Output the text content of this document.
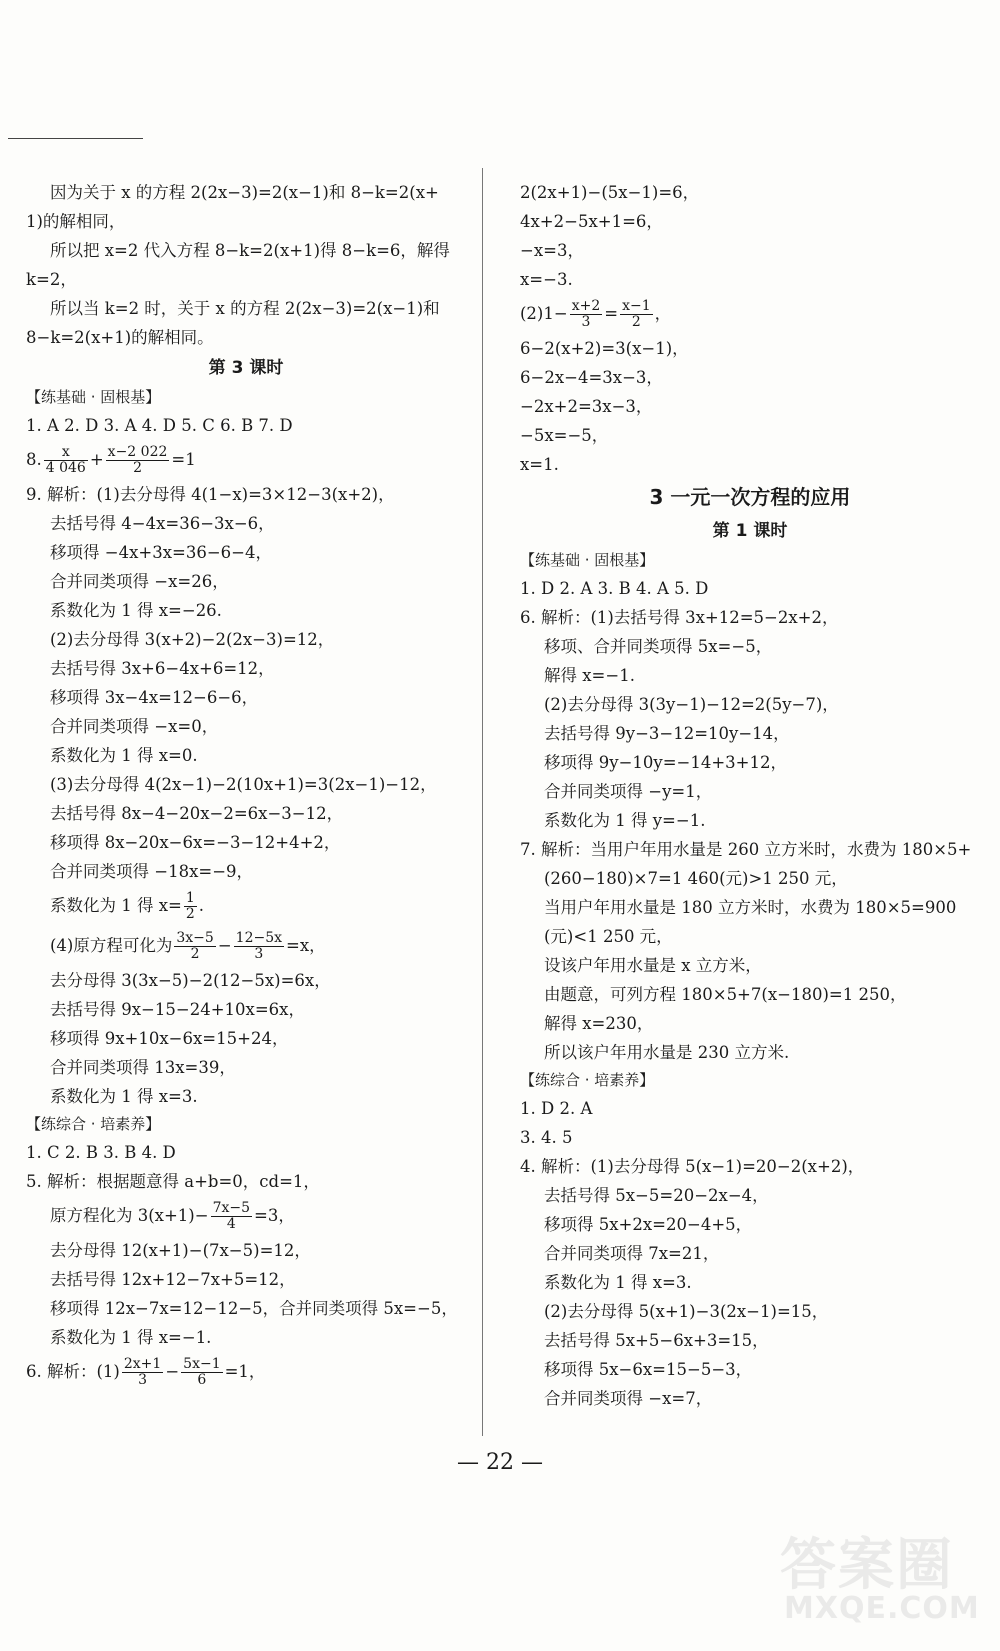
因为关于 x 的方程 2(2x−3)=2(x−1)和 8−k=2(x+
1)的解相同，
所以把 x=2 代入方程 8−k=2(x+1)得 8−k=6，解得
k=2，
所以当 k=2 时，关于 x 的方程 2(2x−3)=2(x−1)和
8−k=2(x+1)的解相同。
第 3 课时
【练基础 · 固根基】
1. A 2. D 3. A 4. D 5. C 6. B 7. D
8. $\frac{x}{4 046} + \frac{x-2 022}{2} =1$
9. 解析：(1)去分母得 4(1−x)=3×12−3(x+2)，
去括号得 4−4x=36−3x−6，
移项得 −4x+3x=36−6−4，
合并同类项得 −x=26，
系数化为 1 得 x=−26.
(2)去分母得 3(x+2)−2(2x−3)=12，
去括号得 3x+6−4x+6=12，
移项得 3x−4x=12−6−6，
合并同类项得 −x=0，
系数化为 1 得 x=0.
(3)去分母得 4(2x−1)−2(10x+1)=3(2x−1)−12，
去括号得 8x−4−20x−2=6x−3−12，
移项得 8x−20x−6x=−3−12+4+2，
合并同类项得 −18x=−9，
系数化为 1 得 $x= \frac{1}{2}$ .
(4)原方程可化为 $\frac{3x-5}{2} - \frac{12-5x}{3} =x$，
去分母得 3(3x−5)−2(12−5x)=6x，
去括号得 9x−15−24+10x=6x，
移项得 9x+10x−6x=15+24，
合并同类项得 13x=39，
系数化为 1 得 x=3.
【练综合 · 培素养】
1. C 2. B 3. B 4. D
5. 解析：根据题意得 a+b=0，cd=1，
原方程化为 $3(x+1)- \frac{7x-5}{4} =3$，
去分母得 12(x+1)−(7x−5)=12，
去括号得 12x+12−7x+5=12，
移项得 12x−7x=12−12−5，合并同类项得 5x=−5，
系数化为 1 得 x=−1.
6. 解析：$(1) \frac{2x+1}{3} - \frac{5x-1}{6} =1$，
2(2x+1)−(5x−1)=6，
4x+2−5x+1=6，
−x=3，
x=−3.
$(2)1- \frac{x+2}{3} = \frac{x-1}{2}$ ，
6−2(x+2)=3(x−1)，
6−2x−4=3x−3，
−2x+2=3x−3，
−5x=−5，
x=1.
3 一元一次方程的应用
第 1 课时
【练基础 · 固根基】
1. D 2. A 3. B 4. A 5. D
6. 解析：(1)去括号得 3x+12=5−2x+2，
移项、合并同类项得 5x=−5，
解得 x=−1.
(2)去分母得 3(3y−1)−12=2(5y−7)，
去括号得 9y−3−12=10y−14，
移项得 9y−10y=−14+3+12，
合并同类项得 −y=1，
系数化为 1 得 y=−1.
7. 解析：当用户年用水量是 260 立方米时，水费为 180×5+
(260−180)×7=1 460(元)>1 250 元，
当用户年用水量是 180 立方米时，水费为 180×5=900
(元)<1 250 元，
设该户年用水量是 x 立方米，
由题意，可列方程 180×5+7(x−180)=1 250，
解得 x=230，
所以该户年用水量是 230 立方米.
【练综合 · 培素养】
1. D 2. A
3. 4. 5
4. 解析：(1)去分母得 5(x−1)=20−2(x+2)，
去括号得 5x−5=20−2x−4，
移项得 5x+2x=20−4+5，
合并同类项得 7x=21，
系数化为 1 得 x=3.
(2)去分母得 5(x+1)−3(2x−1)=15，
去括号得 5x+5−6x+3=15，
移项得 5x−6x=15−5−3，
合并同类项得 −x=7，
— 22 —
答案圈
MXQE.COM
